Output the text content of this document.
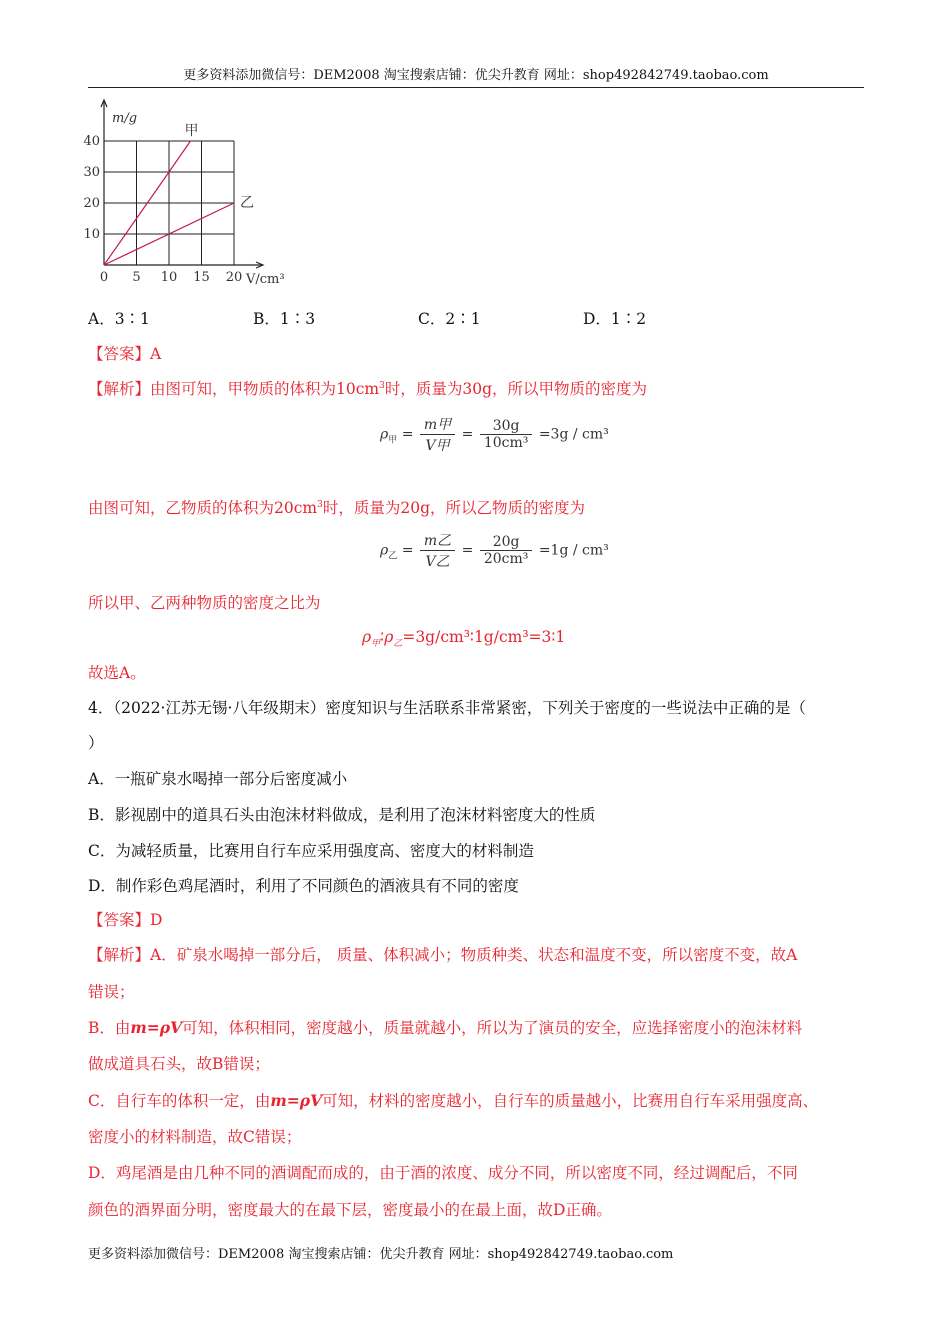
更多资料添加微信号：DEM2008 淘宝搜索店铺：优尖升教育 网址：shop492842749.taobao.com
甲
乙
0 5 10 15 20
10
20
30
40
m/g
V/cm³
A．3∶1	B．1∶3	C．2∶1	D．1∶2
【答案】A
【解析】由图可知，甲物质的体积为$10cm^3$时，质量为30g，所以甲物质的密度为
$\rho_甲 = \frac{\text{m甲}}{\text{V甲}} = \frac{30g}{\text{10cm³}} =3g / cm^3$
由图可知，乙物质的体积为$20cm^3$时，质量为20g，所以乙物质的密度为
$\rho_乙 = \frac{\text{m乙}}{\text{V乙}} = \frac{20g}{\text{20cm³}} =1g / cm^3$
所以甲、乙两种物质的密度之比为
$\rho_甲∶\rho_乙=3g/cm^3∶1g/cm^3=3∶1$
故选A。
4．（2022·江苏无锡·八年级期末）密度知识与生活联系非常紧密，下列关于密度的一些说法中正确的是（
）
A．一瓶矿泉水喝掉一部分后密度减小
B．影视剧中的道具石头由泡沫材料做成，是利用了泡沫材料密度大的性质
C．为减轻质量，比赛用自行车应采用强度高、密度大的材料制造
D．制作彩色鸡尾酒时，利用了不同颜色的酒液具有不同的密度
【答案】D
【解析】A．矿泉水喝掉一部分后， 质量、体积减小；物质种类、状态和温度不变，所以密度不变，故A
错误；
B．由m=ρV可知，体积相同，密度越小，质量就越小，所以为了演员的安全，应选择密度小的泡沫材料
做成道具石头，故B错误；
C．自行车的体积一定，由m=ρV可知，材料的密度越小，自行车的质量越小，比赛用自行车采用强度高、
密度小的材料制造，故C错误；
D．鸡尾酒是由几种不同的酒调配而成的，由于酒的浓度、成分不同，所以密度不同，经过调配后，不同
颜色的酒界面分明，密度最大的在最下层，密度最小的在最上面，故D正确。
更多资料添加微信号：DEM2008 淘宝搜索店铺：优尖升教育 网址：shop492842749.taobao.com
